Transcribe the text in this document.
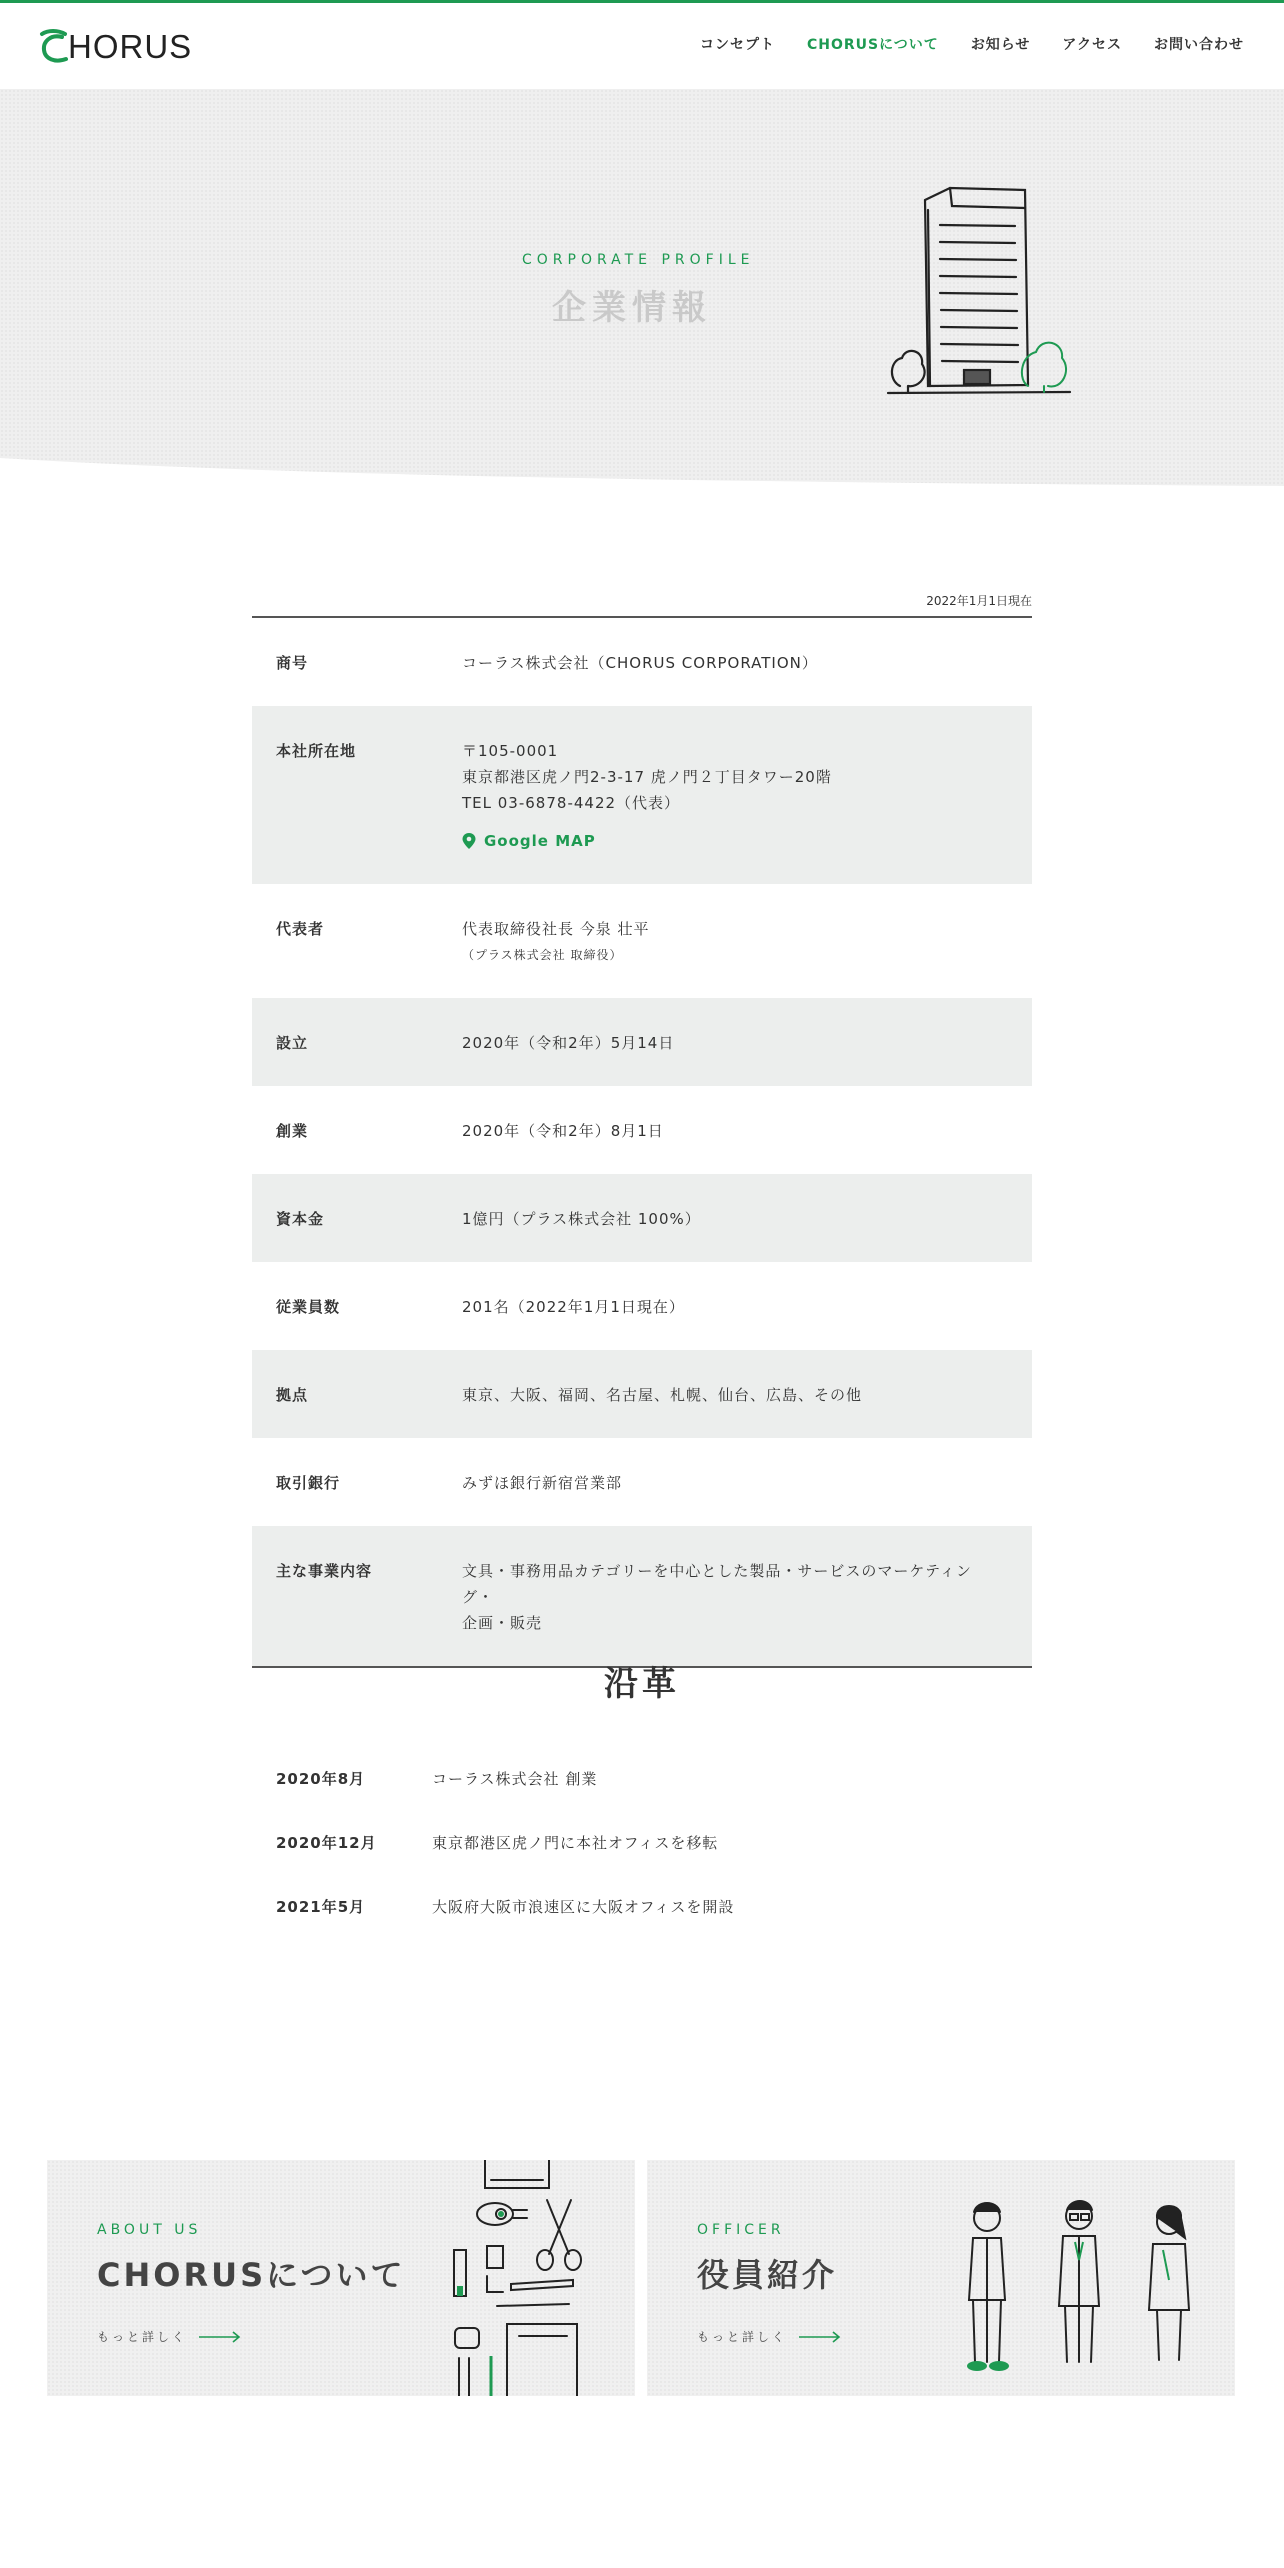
HORUS	コンセプト CHORUSについて お知らせ アクセス お問い合わせ
CORPORATE PROFILE
企業情報
2022年1月1日現在
商号	コーラス株式会社（CHORUS CORPORATION）
本社所在地	〒105-0001
東京都港区虎ノ門2-3-17 虎ノ門２丁目タワー20階
TEL 03-6878-4422（代表）
Google MAP
代表者	代表取締役社長 今泉 壮平
（プラス株式会社 取締役）
設立	2020年（令和2年）5月14日
創業	2020年（令和2年）8月1日
資本金	1億円（プラス株式会社 100%）
従業員数	201名（2022年1月1日現在）
拠点	東京、大阪、福岡、名古屋、札幌、仙台、広島、その他
取引銀行	みずほ銀行新宿営業部
主な事業内容	文具・事務用品カテゴリーを中心とした製品・サービスのマーケティング・
企画・販売
沿革
2020年8月	コーラス株式会社 創業
2020年12月	東京都港区虎ノ門に本社オフィスを移転
2021年5月	大阪府大阪市浪速区に大阪オフィスを開設
ABOUT US
CHORUSについて
もっと詳しく
OFFICER
役員紹介
もっと詳しく
